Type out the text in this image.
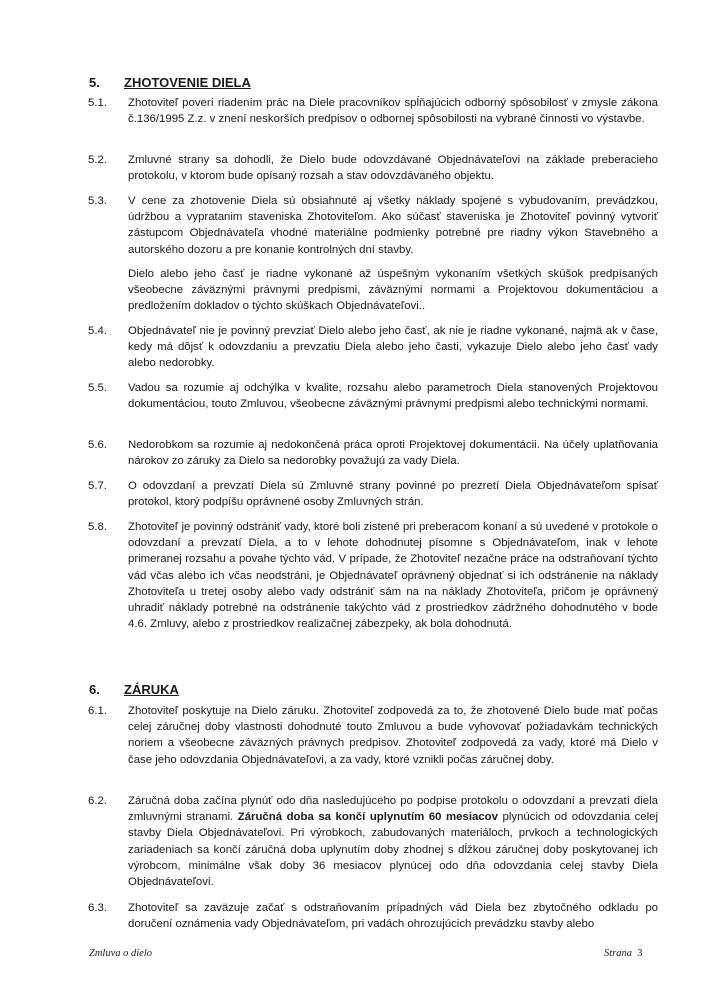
5. ZHOTOVENIE DIELA
5.1. Zhotoviteľ poverí riadením prác na Diele pracovníkov spĺňajúcich odborný spôsobilosť v zmysle zákona č.136/1995 Z.z. v znení neskorších predpisov o odbornej spôsobilosti na vybrané činnosti vo výstavbe.
5.2. Zmluvné strany sa dohodli, že Dielo bude odovzdávané Objednávateľovi na základe preberacieho protokolu, v ktorom bude opísaný rozsah a stav odovzdávaného objektu.
5.3. V cene za zhotovenie Diela sú obsiahnuté aj všetky náklady spojené s vybudovaním, prevádzkou, údržbou a vypratanim staveniska Zhotoviteľom. Ako súčasť staveniska je Zhotoviteľ povinný vytvoriť zástupcom Objednávateľa vhodné materiálne podmienky potrebné pre riadny výkon Stavebného a autorského dozoru a pre konanie kontrolných dní stavby.
Dielo alebo jeho časť je riadne vykonané až úspešným vykonaním všetkých skúšok predpísaných všeobecne záväznými právnymi predpismi, záväznými normami a Projektovou dokumentáciou a predložením dokladov o týchto skúškach Objednávateľovi..
5.4. Objednávateľ nie je povinný prevziať Dielo alebo jeho časť, ak nie je riadne vykonané, najmä ak v čase, kedy má dôjsť k odovzdaniu a prevzatiu Diela alebo jeho časti, vykazuje Dielo alebo jeho časť vady alebo nedorobky.
5.5. Vadou sa rozumie aj odchýlka v kvalite, rozsahu alebo parametroch Diela stanovených Projektovou dokumentáciou, touto Zmluvou, všeobecne záväznými právnymi predpismi alebo technickými normami.
5.6. Nedorobkom sa rozumie aj nedokončená práca oproti Projektovej dokumentácii. Na účely uplatňovania nárokov zo záruky za Dielo sa nedorobky považujú za vady Diela.
5.7. O odovzdaní a prevzatí Diela sú Zmluvné strany povinné po prezretí Diela Objednávateľom spísať protokol, ktorý podpíšu oprávnené osoby Zmluvných strán.
5.8. Zhotoviteľ je povinný odstrániť vady, ktoré boli zistené pri preberacom konaní a sú uvedené v protokole o odovzdaní a prevzatí Diela, a to v lehote dohodnutej písomne s Objednávateľom, inak v lehote primeranej rozsahu a povahe týchto vád. V prípade, že Zhotoviteľ nezačne práce na odstraňovaní týchto vád včas alebo ich včas neodstráni, je Objednávateľ oprávnený objednať si ich odstránenie na náklady Zhotoviteľa u tretej osoby alebo vady odstrániť sám na na náklady Zhotoviteľa, pričom je oprávnený uhradiť náklady potrebné na odstránenie takýchto vád z prostriedkov zádržného dohodnutého v bode 4.6. Zmluvy, alebo z prostriedkov realizačnej zábezpeky, ak bola dohodnutá.
6. ZÁRUKA
6.1. Zhotoviteľ poskytuje na Dielo záruku. Zhotoviteľ zodpovedá za to, že zhotovené Dielo bude mať počas celej záručnej doby vlastnosti dohodnuté touto Zmluvou a bude vyhovovať požiadavkám technických noriem a všeobecne záväzných právnych predpisov. Zhotoviteľ zodpovedá za vady, ktoré má Dielo v čase jeho odovzdania Objednávateľovi, a za vady, ktoré vznikli počas záručnej doby.
6.2. Záručná doba začína plynúť odo dňa nasledujúceho po podpise protokolu o odovzdaní a prevzatí diela zmluvnými stranami. Záručná doba sa končí uplynutím 60 mesiacov plynúcich od odovzdania celej stavby Diela Objednávateľovi. Pri výrobkoch, zabudovaných materiáloch, prvkoch a technologických zariadeniach sa končí záručná doba uplynutím doby zhodnej s dĺžkou záručnej doby poskytovanej ich výrobcom, minimálne však doby 36 mesiacov plynúcej odo dňa odovzdania celej stavby Diela Objednávateľovi.
6.3. Zhotoviteľ sa zaväzuje začať s odstraňovaním prípadných vád Diela bez zbytočného odkladu po doručení oznámenia vady Objednávateľom, pri vadách ohrozujúcich prevádzku stavby alebo
Zmluva o dielo	Strana 3
